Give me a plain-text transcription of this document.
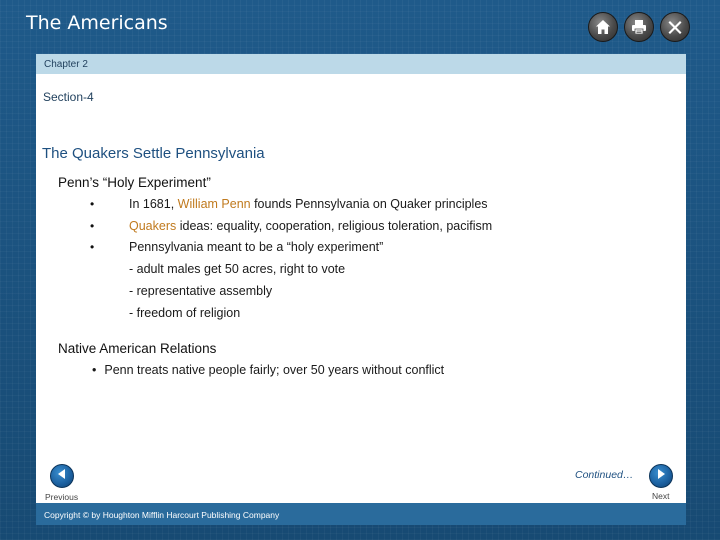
The Americans
Chapter 2
Section-4
The Quakers Settle Pennsylvania
Penn’s “Holy Experiment”
•	In 1681, William Penn founds Pennsylvania on Quaker principles
•	Quakers ideas: equality, cooperation, religious toleration, pacifism
•	Pennsylvania meant to be a “holy experiment”
- adult males get 50 acres, right to vote
- representative assembly
- freedom of religion
Native American Relations
• Penn treats native people fairly; over 50 years without conflict
Previous
Continued…
Next
Copyright © by Houghton Mifflin Harcourt Publishing Company
